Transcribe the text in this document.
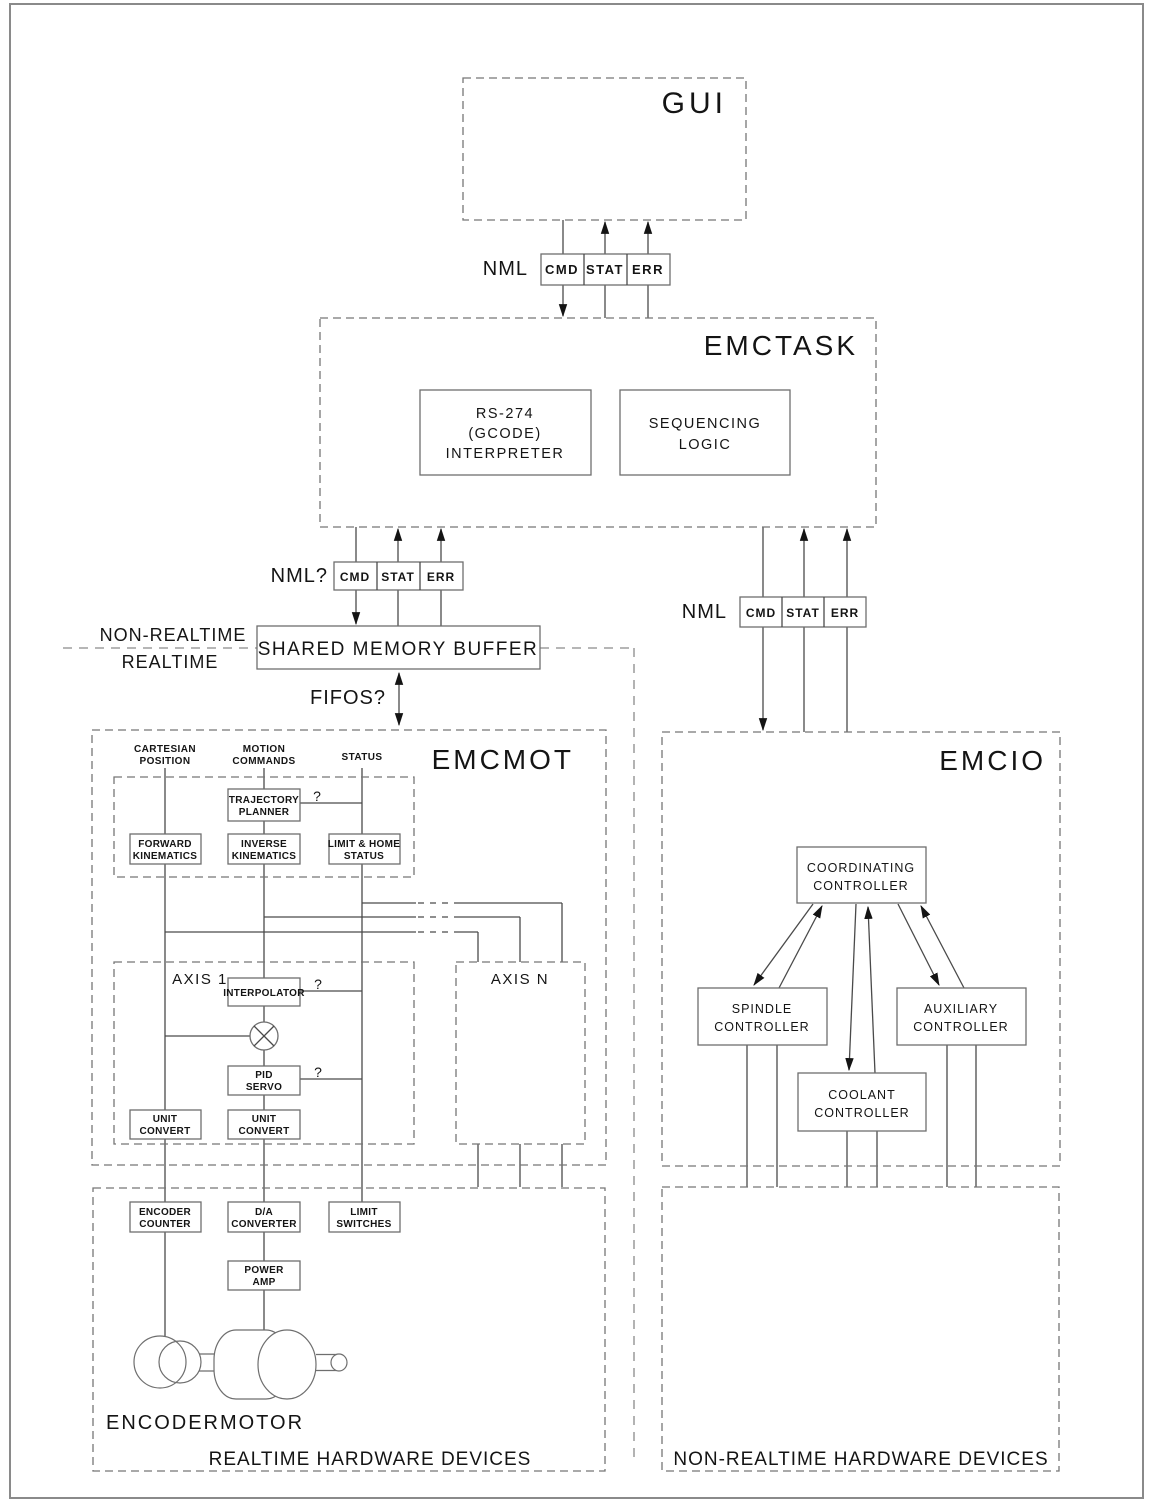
NON-REALTIME
REALTIME
GUI
NML CMD STAT ERR
EMCTASK
RS-274
(GCODE)
INTERPRETER
SEQUENCING
LOGIC
NML? CMD STAT ERR
NML CMD STAT ERR
SHARED MEMORY BUFFER
FIFOS?
EMCMOT
CARTESIAN
POSITION
MOTION
COMMANDS	STATUS
TRAJECTORY
PLANNER
?
FORWARD
KINEMATICS
INVERSE
KINEMATICS
LIMIT & HOME
STATUS
AXIS 1
INTERPOLATOR
?
PID
SERVO
?
UNIT
CONVERT
UNIT
CONVERT
AXIS N
EMCIO
COORDINATING
CONTROLLER
SPINDLE
CONTROLLER
AUXILIARY
CONTROLLER
COOLANT
CONTROLLER
ENCODER
COUNTER
D/A
CONVERTER
LIMIT
SWITCHES
POWER
AMP
ENCODER MOTOR
REALTIME HARDWARE DEVICES	NON-REALTIME HARDWARE DEVICES
